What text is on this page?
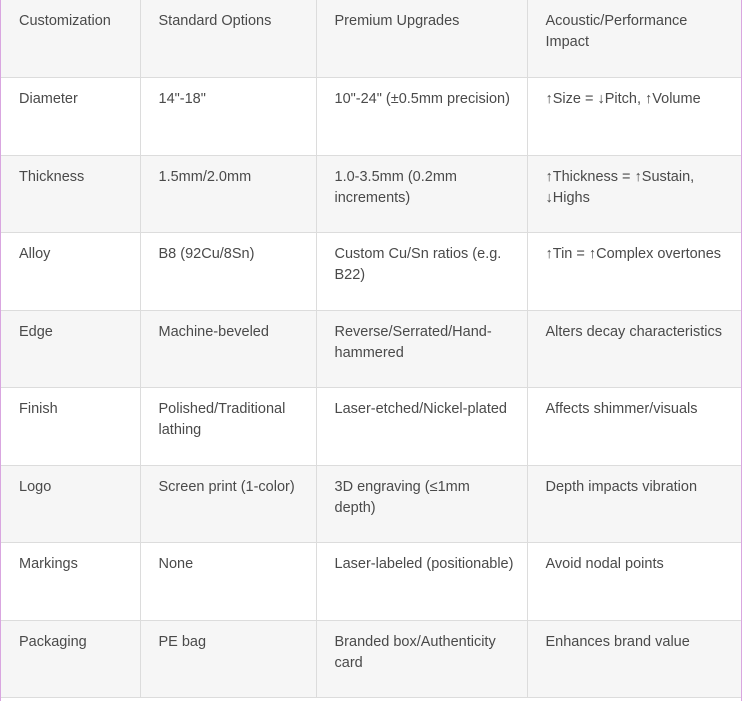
Customization	Standard Options	Premium Upgrades	Acoustic/Performance Impact
Diameter	14"-18"	10"-24" (±0.5mm precision)	↑Size = ↓Pitch, ↑Volume
Thickness	1.5mm/2.0mm	1.0-3.5mm (0.2mm increments)	↑Thickness = ↑Sustain, ↓Highs
Alloy	B8 (92Cu/8Sn)	Custom Cu/Sn ratios (e.g. B22)	↑Tin = ↑Complex overtones
Edge	Machine-beveled	Reverse/Serrated/Hand-hammered	Alters decay characteristics
Finish	Polished/Traditional lathing	Laser-etched/Nickel-plated	Affects shimmer/visuals
Logo	Screen print (1-color)	3D engraving (≤1mm depth)	Depth impacts vibration
Markings	None	Laser-labeled (positionable)	Avoid nodal points
Packaging	PE bag	Branded box/Authenticity card	Enhances brand value
